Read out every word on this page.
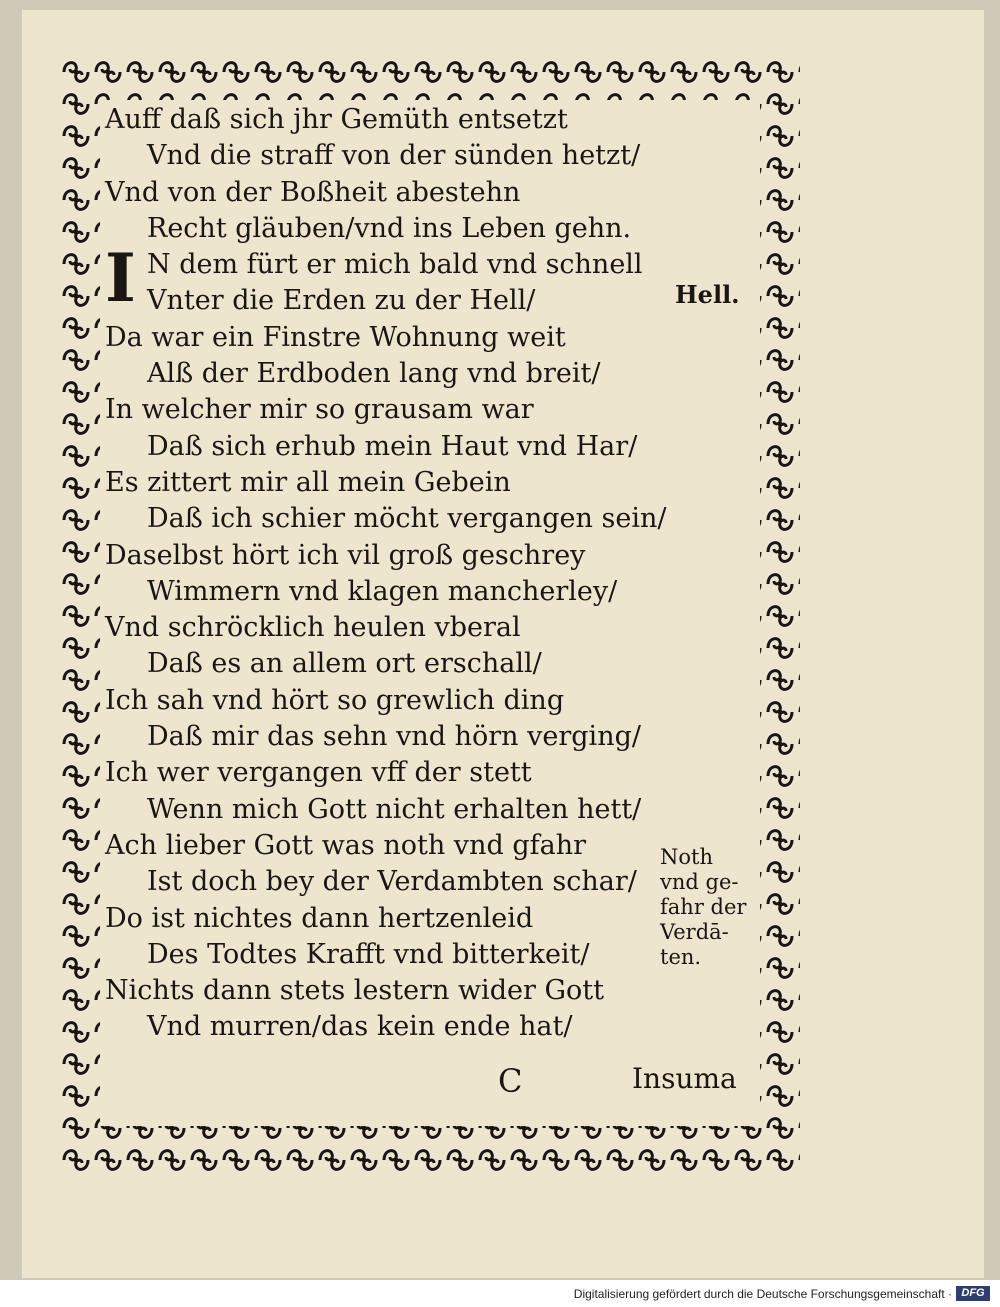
Auff daß sich jhr Gemüth entsetzt
Vnd die straff von der sünden hetzt/
Vnd von der Boßheit abestehn
Recht gläuben/vnd ins Leben gehn.
I N dem fürt er mich bald vnd schnell
Vnter die Erden zu der Hell/
Da war ein Finstre Wohnung weit
Alß der Erdboden lang vnd breit/
In welcher mir so grausam war
Daß sich erhub mein Haut vnd Har/
Es zittert mir all mein Gebein
Daß ich schier möcht vergangen sein/
Daselbst hört ich vil groß geschrey
Wimmern vnd klagen mancherley/
Vnd schröcklich heulen vberal
Daß es an allem ort erschall/
Ich sah vnd hört so grewlich ding
Daß mir das sehn vnd hörn verging/
Ich wer vergangen vff der stett
Wenn mich Gott nicht erhalten hett/
Ach lieber Gott was noth vnd gfahr
Ist doch bey der Verdambten schar/
Do ist nichtes dann hertzenleid
Des Todtes Krafft vnd bitterkeit/
Nichts dann stets lestern wider Gott
Vnd murren/das kein ende hat/
Hell.
Noth
vnd ge-
fahr der
Verdā-
ten.
C	Insuma
Digitalisierung gefördert durch die Deutsche Forschungsgemeinschaft · DFG
